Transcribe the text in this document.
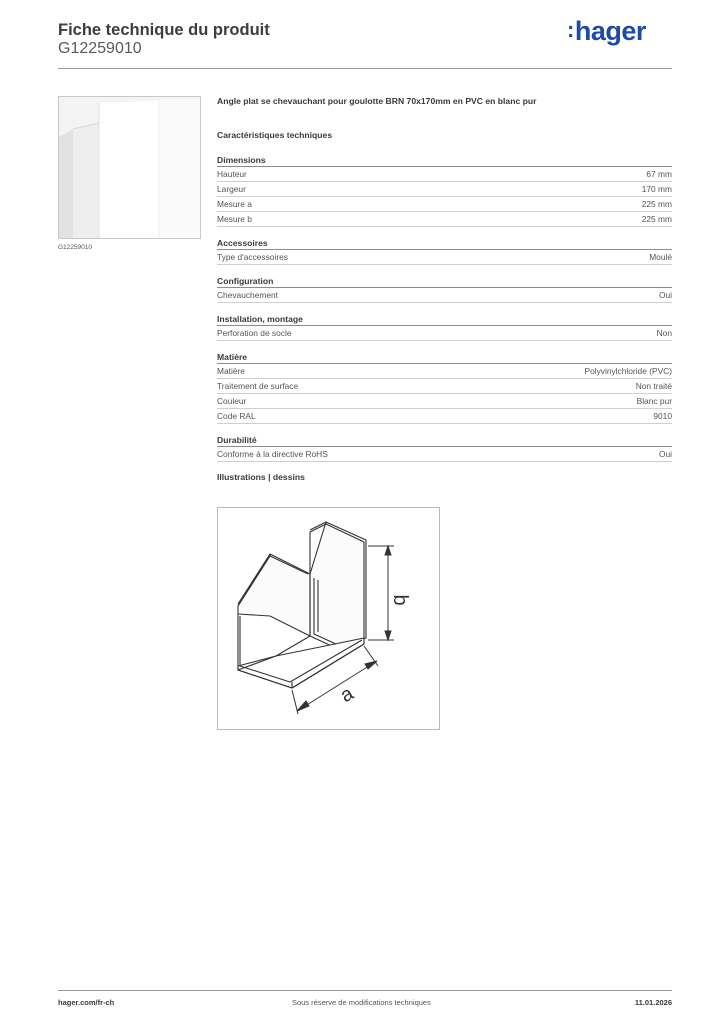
Fiche technique du produit
G12259010
:hager
G12259010
Angle plat se chevauchant pour goulotte BRN 70x170mm en PVC en blanc pur
Caractéristiques techniques
Dimensions
Hauteur	67 mm
Largeur	170 mm
Mesure a	225 mm
Mesure b	225 mm
Accessoires
Type d'accessoires	Moulé
Configuration
Chevauchement	Oui
Installation, montage
Perforation de socle	Non
Matière
Matière	Polyvinylchloride (PVC)
Traitement de surface	Non traité
Couleur	Blanc pur
Code RAL	9010
Durabilité
Conforme à la directive RoHS	Oui
Illustrations | dessins
b
a
hager.com/fr-ch	Sous réserve de modifications techniques	11.01.2026
